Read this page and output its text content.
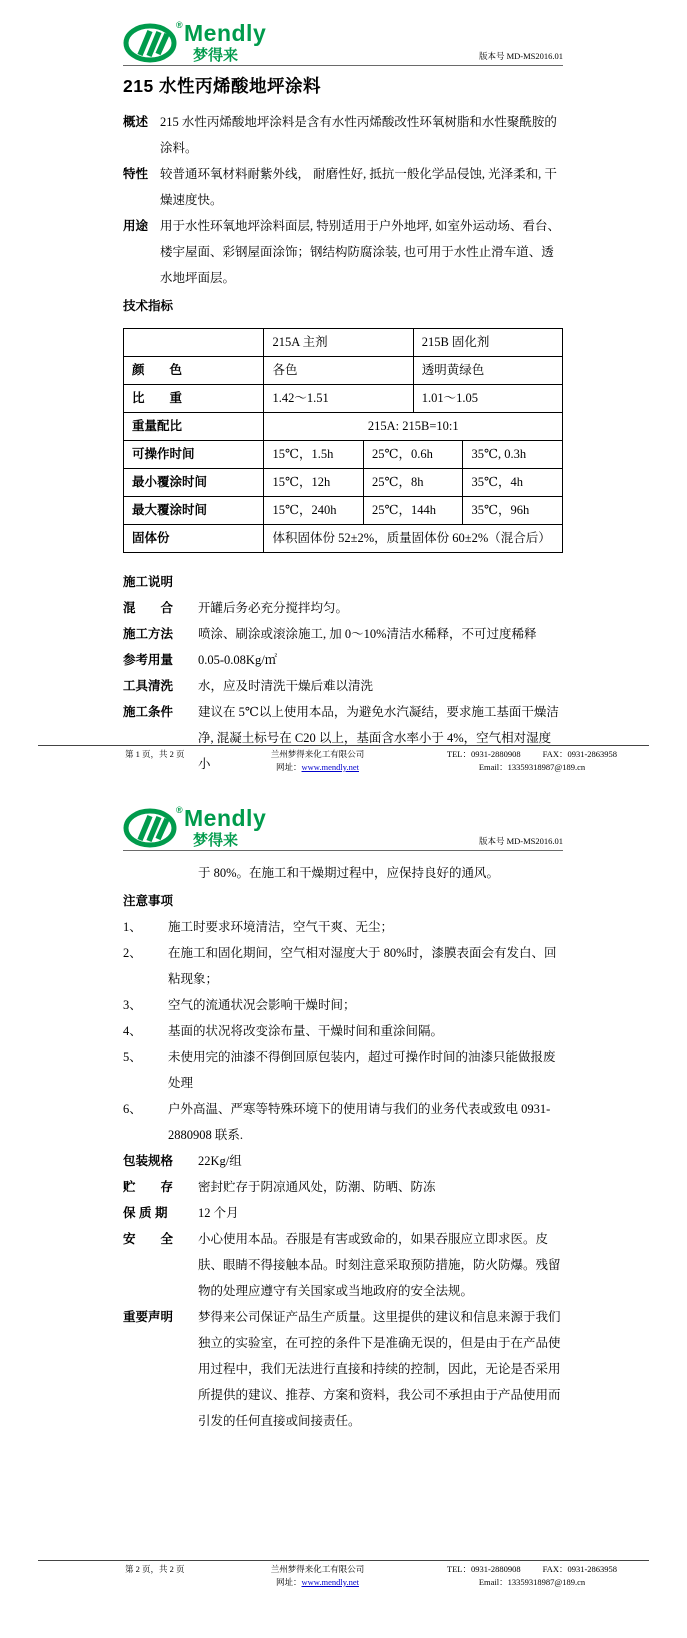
® Mendly
梦得来	版本号 MD-MS2016.01
215 水性丙烯酸地坪涂料
概述 215 水性丙烯酸地坪涂料是含有水性丙烯酸改性环氧树脂和水性聚酰胺的涂料。
特性 较普通环氧材料耐紫外线， 耐磨性好, 抵抗一般化学品侵蚀, 光泽柔和, 干燥速度快。
用途 用于水性环氧地坪涂料面层, 特别适用于户外地坪, 如室外运动场、看台、楼宇屋面、彩钢屋面涂饰；钢结构防腐涂装, 也可用于水性止滑车道、透水地坪面层。
技术指标
	215A 主剂		215B 固化剂	
颜　　色	各色		透明黄绿色	
比　　重	1.42～1.51		1.01～1.05	
重量配比	215A: 215B=10:1			
可操作时间	15℃，1.5h	25℃，0.6h		35℃, 0.3h
最小覆涂时间	15℃，12h	25℃，8h		35℃，4h
最大覆涂时间	15℃，240h	25℃，144h		35℃，96h
固体份	体积固体份 52±2%，质量固体份 60±2%（混合后）			
施工说明
混　　合	开罐后务必充分搅拌均匀。
施工方法	喷涂、刷涂或滚涂施工, 加 0～10%清洁水稀释，不可过度稀释
参考用量	0.05-0.08Kg/㎡
工具清洗	水，应及时清洗干燥后难以清洗
施工条件	建议在 5℃以上使用本品，为避免水汽凝结，要求施工基面干燥洁净, 混凝土标号在 C20 以上，基面含水率小于 4%，空气相对湿度小
第 1 页，共 2 页	兰州梦得来化工有限公司
网址：www.mendly.net
TEL：0931-2880908	FAX：0931-2863958
Email：13359318987@189.cn
® Mendly
梦得来	版本号 MD-MS2016.01
于 80%。在施工和干燥期过程中，应保持良好的通风。
注意事项
1、	施工时要求环境清洁，空气干爽、无尘；
2、	在施工和固化期间，空气相对湿度大于 80%时，漆膜表面会有发白、回粘现象；
3、	空气的流通状况会影响干燥时间；
4、	基面的状况将改变涂布量、干燥时间和重涂间隔。
5、	未使用完的油漆不得倒回原包装内，超过可操作时间的油漆只能做报废处理
6、	户外高温、严寒等特殊环境下的使用请与我们的业务代表或致电 0931-2880908 联系.
包装规格	22Kg/组
贮　　存	密封贮存于阴凉通风处，防潮、防晒、防冻
保 质 期	12 个月
安　　全	小心使用本品。吞服是有害或致命的，如果吞服应立即求医。皮肤、眼睛不得接触本品。时刻注意采取预防措施，防火防爆。残留物的处理应遵守有关国家或当地政府的安全法规。
重要声明	梦得来公司保证产品生产质量。这里提供的建议和信息来源于我们独立的实验室，在可控的条件下是准确无误的，但是由于在产品使用过程中，我们无法进行直接和持续的控制，因此，无论是否采用所提供的建议、推荐、方案和资料，我公司不承担由于产品使用而引发的任何直接或间接责任。
第 2 页，共 2 页	兰州梦得来化工有限公司
网址：www.mendly.net
TEL：0931-2880908	FAX：0931-2863958
Email：13359318987@189.cn
